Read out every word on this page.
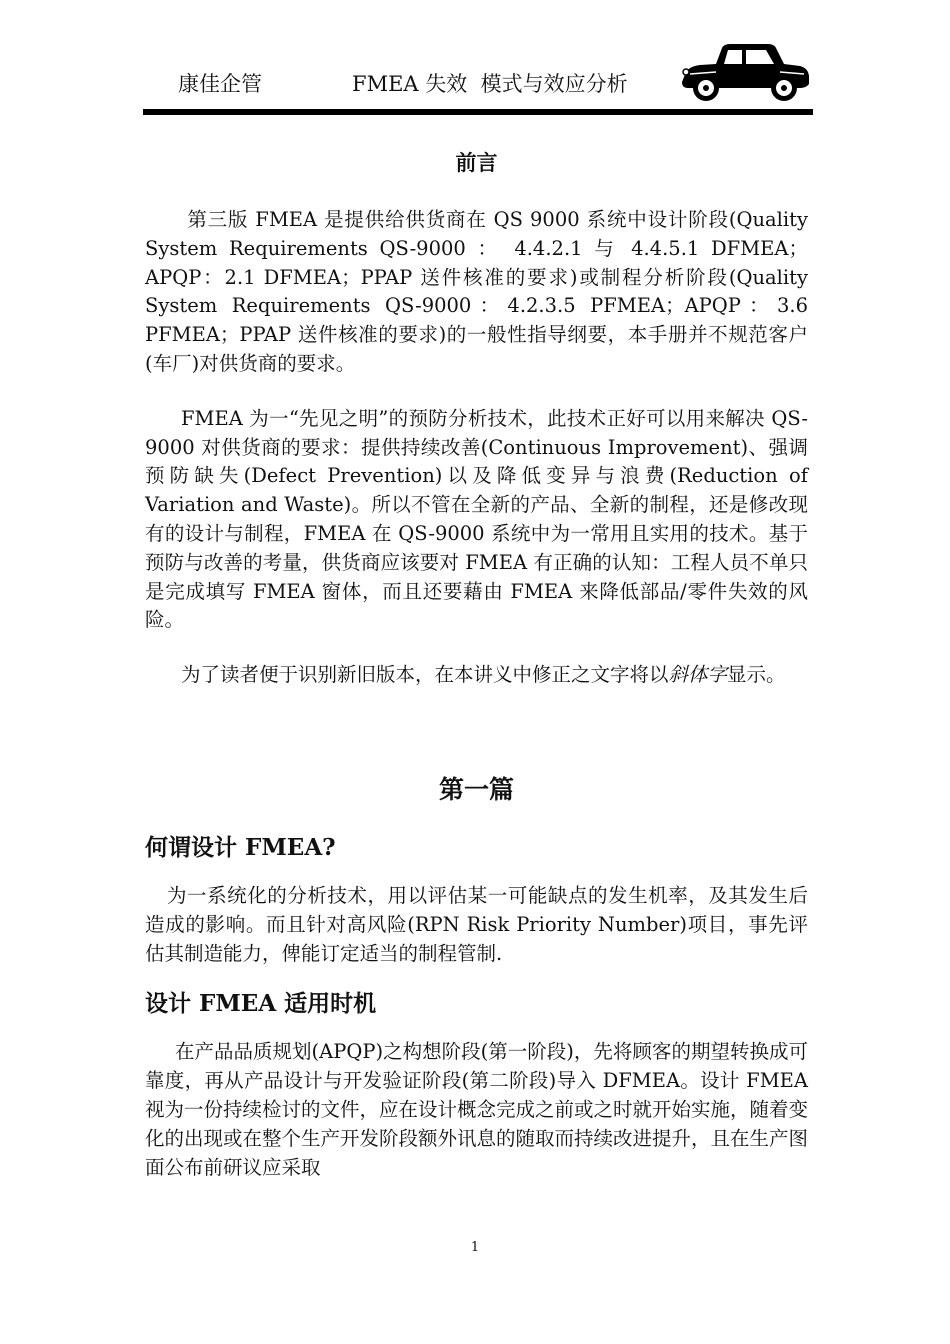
康佳企管	FMEA 失效  模式与效应分析
前言

　第三版 FMEA 是提供给供货商在 QS 9000 系统中设计阶段(Quality System Requirements QS-9000 ： 4.4.2.1 与 4.4.5.1 DFMEA；APQP：2.1 DFMEA；PPAP 送件核准的要求)或制程分析阶段(Quality System Requirements QS-9000：4.2.3.5 PFMEA；APQP：3.6 PFMEA；PPAP 送件核准的要求)的一般性指导纲要，本手册并不规范客户(车厂)对供货商的要求。

FMEA 为一“先见之明”的预防分析技术，此技术正好可以用来解决 QS-9000 对供货商的要求：提供持续改善(Continuous Improvement)、强调预防缺失(Defect Prevention)以及降低变异与浪费(Reduction of Variation and Waste)。所以不管在全新的产品、全新的制程，还是修改现有的设计与制程，FMEA 在 QS-9000 系统中为一常用且实用的技术。基于预防与改善的考量，供货商应该要对 FMEA 有正确的认知：工程人员不单只是完成填写 FMEA 窗体，而且还要藉由 FMEA 来降低部品/零件失效的风险。

为了读者便于识别新旧版本，在本讲义中修正之文字将以斜体字显示。

第一篇
何谓设计 FMEA?

为一系统化的分析技术，用以评估某一可能缺点的发生机率，及其发生后造成的影响。而且针对高风险(RPN Risk Priority Number)项目，事先评估其制造能力，俾能订定适当的制程管制.

设计 FMEA 适用时机

在产品品质规划(APQP)之构想阶段(第一阶段)，先将顾客的期望转换成可靠度，再从产品设计与开发验证阶段(第二阶段)导入 DFMEA。设计 FMEA 视为一份持续检讨的文件，应在设计概念完成之前或之时就开始实施，随着变化的出现或在整个生产开发阶段额外讯息的随取而持续改进提升，且在生产图面公布前研议应采取

1
